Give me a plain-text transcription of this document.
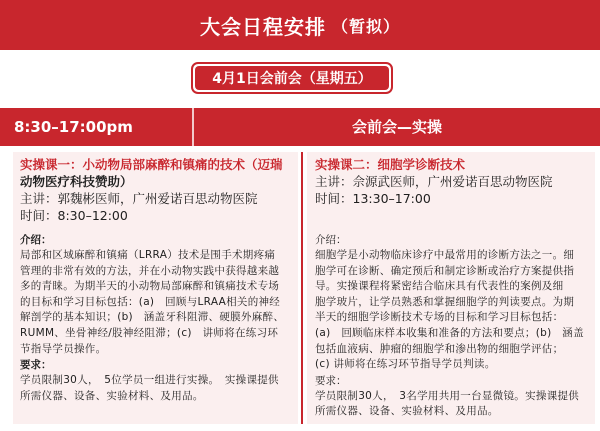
大会日程安排 （暂拟）
4月1日会前会（星期五）
8:30–17:00pm	会前会—实操
实操课一：小动物局部麻醉和镇痛的技术（迈瑞
动物医疗科技赞助）
主讲：郭魏彬医师，广州爱诺百思动物医院
时间：8:30–12:00
介绍：
局部和区域麻醉和镇痛（LRRA）技术是围手术期疼痛
管理的非常有效的方法，并在小动物实践中获得越来越
多的青睐。为期半天的小动物局部麻醉和镇痛技术专场
的目标和学习目标包括：(a)　回顾与LRAA相关的神经
解剖学的基本知识；(b)　涵盖牙科阻滞、硬膜外麻醉、
RUMM、坐骨神经/股神经阻滞；(c)　讲师将在练习环
节指导学员操作。
要求：
学员限制30人，　5位学员一组进行实操。　实操课提供
所需仪器、设备、实验材料、及用品。
实操课二：细胞学诊断技术
主讲：佘源武医师，广州爱诺百思动物医院
时间：13:30–17:00
介绍：
细胞学是小动物临床诊疗中最常用的诊断方法之一。细
胞学可在诊断、确定预后和制定诊断或治疗方案提供指
导。实操课程将紧密结合临床具有代表性的案例及细
胞学玻片，让学员熟悉和掌握细胞学的判读要点。为期
半天的细胞学诊断技术专场的目标和学习目标包括：
(a)　回顾临床样本收集和准备的方法和要点；(b)　涵盖
包括血液病、肿瘤的细胞学和渗出物的细胞学评估；
(c) 讲师将在练习环节指导学员判读。
要求：
学员限制30人，　3名学用共用一台显微镜。实操课提供
所需仪器、设备、实验材料、及用品。
